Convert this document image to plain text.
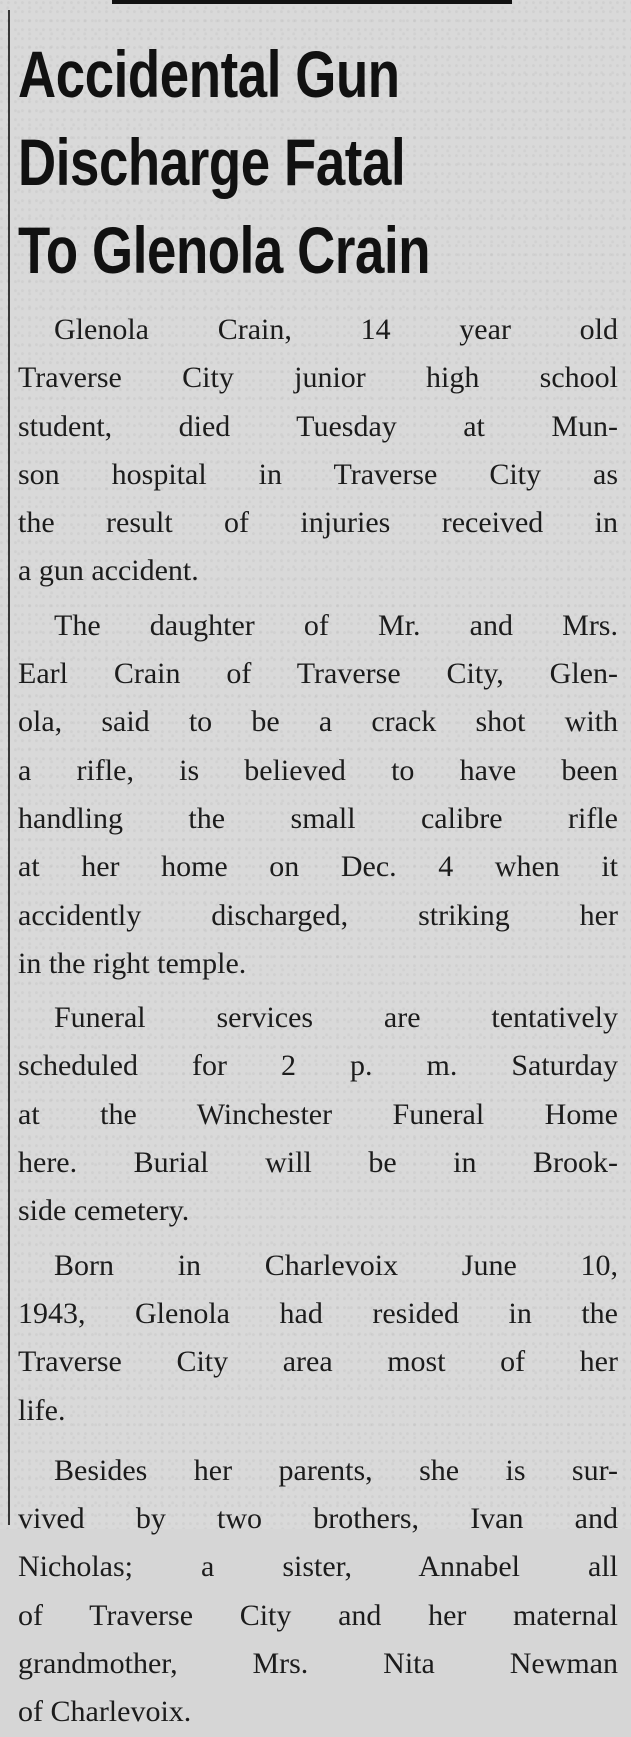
Accidental Gun
Discharge Fatal
To Glenola Crain
Glenola Crain, 14 year old
Traverse City junior high school
student, died Tuesday at Mun-
son hospital in Traverse City as
the result of injuries received in
a gun accident.
The daughter of Mr. and Mrs.
Earl Crain of Traverse City, Glen-
ola, said to be a crack shot with
a rifle, is believed to have been
handling the small calibre rifle
at her home on Dec. 4 when it
accidently discharged, striking her
in the right temple.
Funeral services are tentatively
scheduled for 2 p. m. Saturday
at the Winchester Funeral Home
here. Burial will be in Brook-
side cemetery.
Born in Charlevoix June 10,
1943, Glenola had resided in the
Traverse City area most of her
life.
Besides her parents, she is sur-
vived by two brothers, Ivan and
Nicholas; a sister, Annabel all
of Traverse City and her maternal
grandmother, Mrs. Nita Newman
of Charlevoix.
